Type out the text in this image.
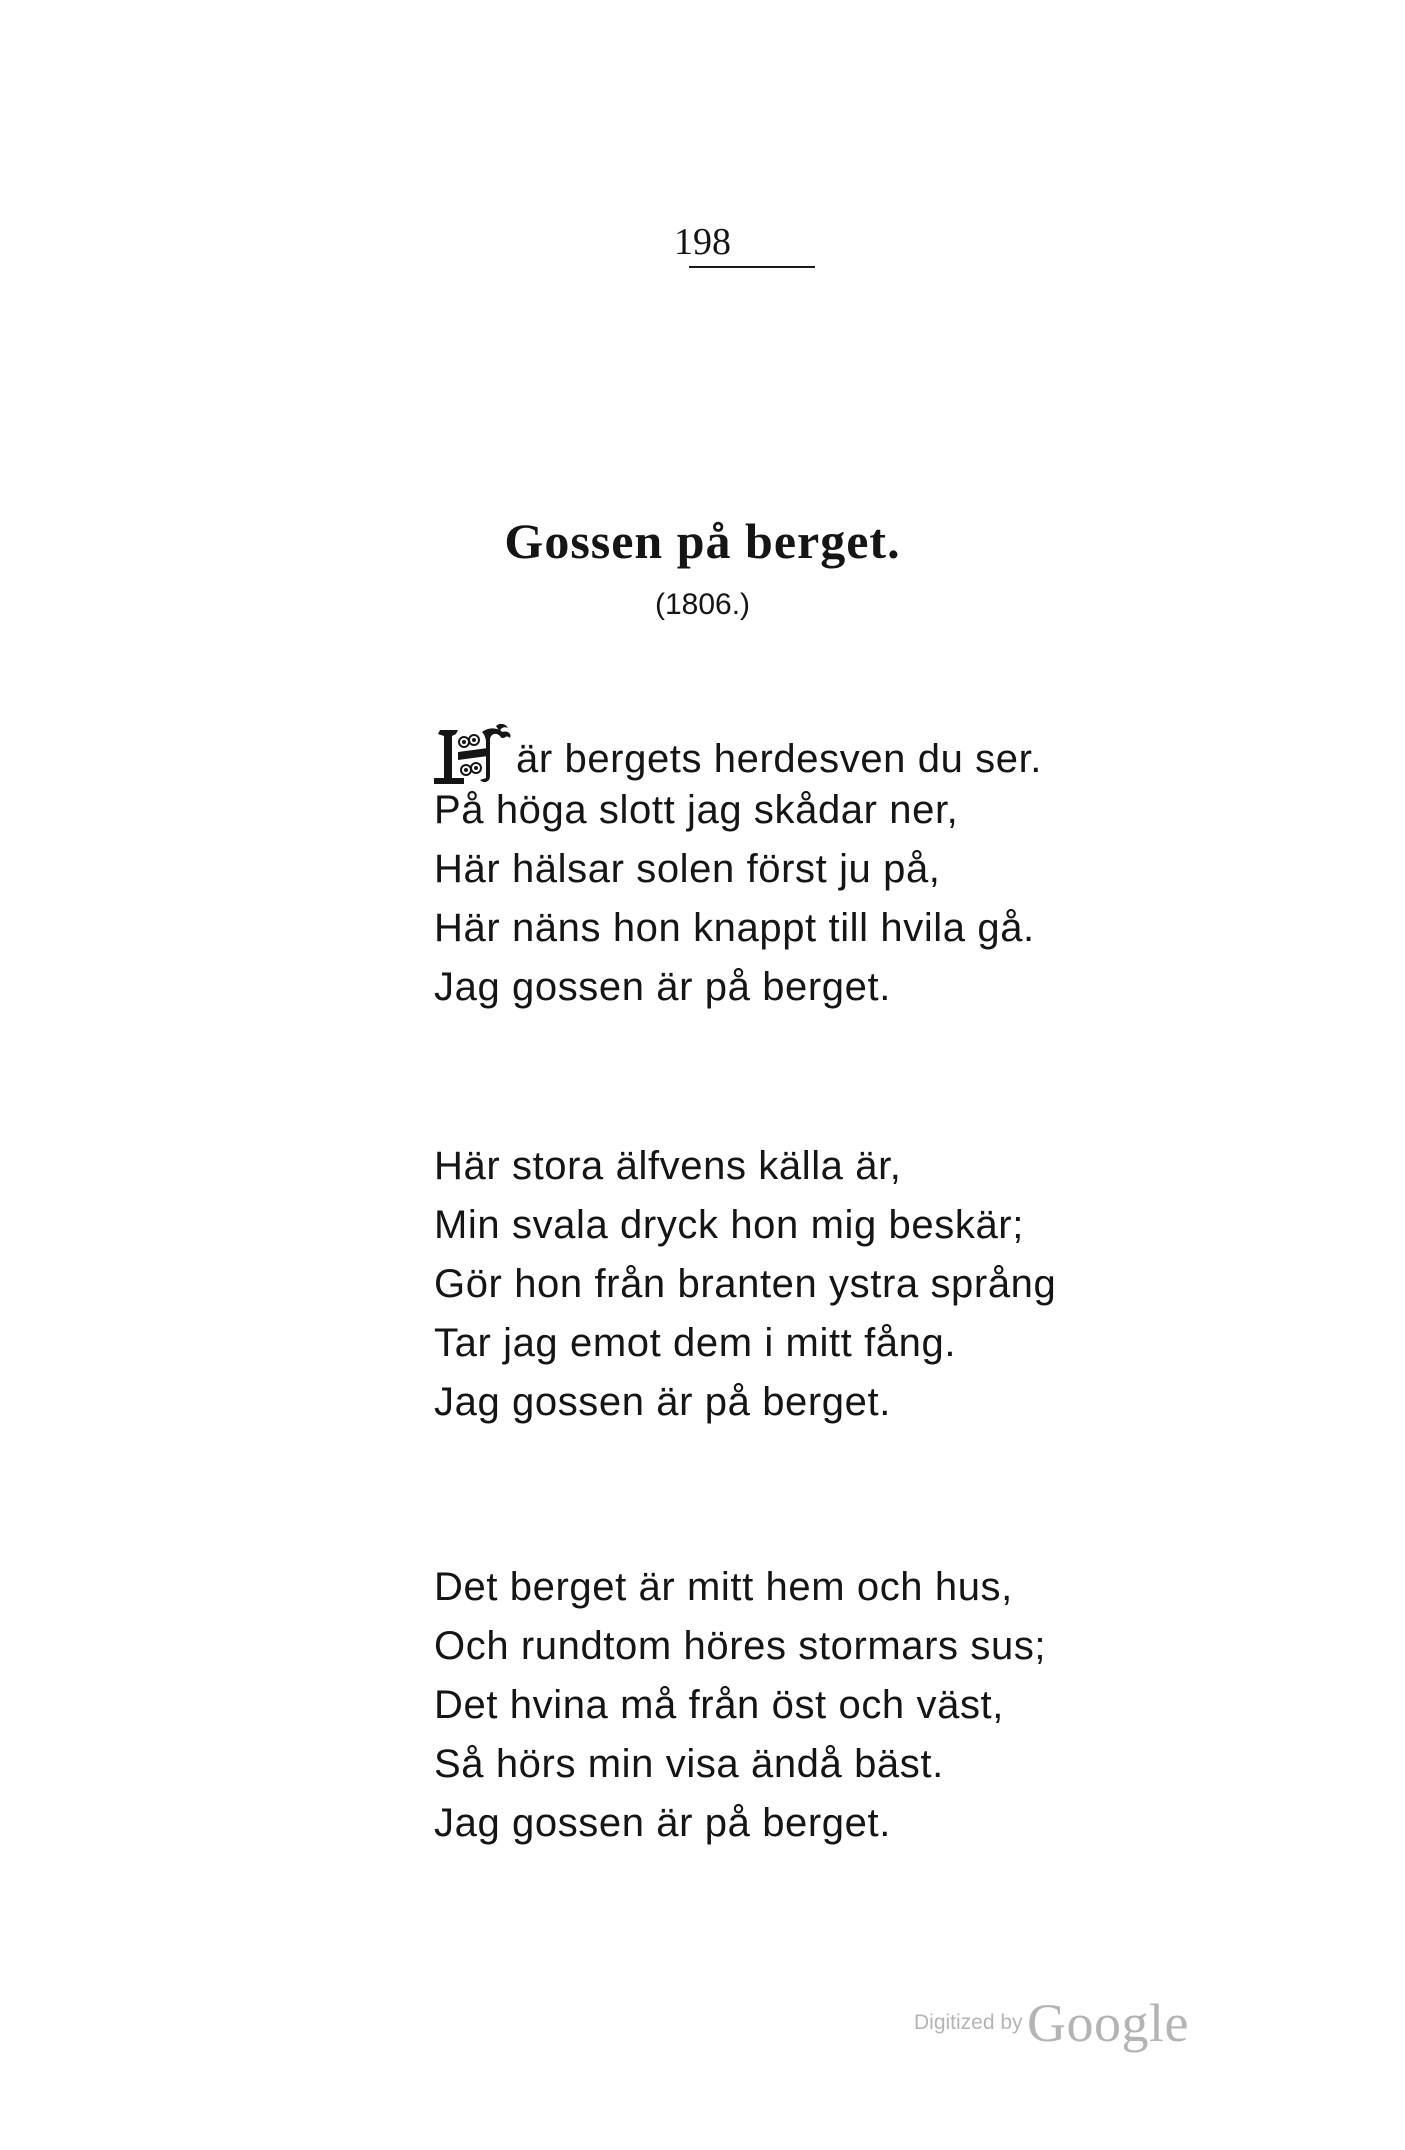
198
Gossen på berget.
(1806.)
är bergets herdesven du ser.
På höga slott jag skådar ner,
Här hälsar solen först ju på,
Här näns hon knappt till hvila gå.
Jag gossen är på berget.
Här stora älfvens källa är,
Min svala dryck hon mig beskär;
Gör hon från branten ystra språng
Tar jag emot dem i mitt fång.
Jag gossen är på berget.
Det berget är mitt hem och hus,
Och rundtom höres stormars sus;
Det hvina må från öst och väst,
Så hörs min visa ändå bäst.
Jag gossen är på berget.
Digitized by Google
